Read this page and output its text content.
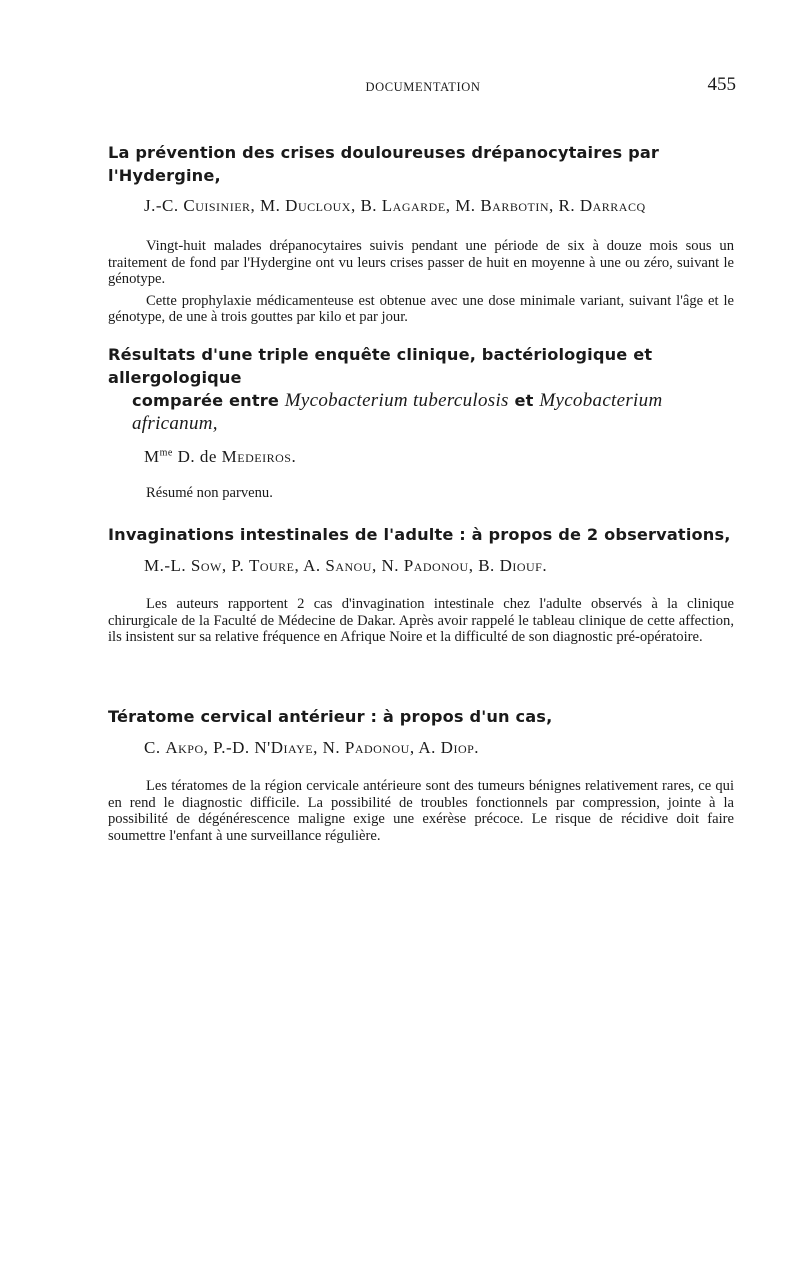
DOCUMENTATION	455
La prévention des crises douloureuses drépanocytaires par l'Hydergine,

J.-C. Cuisinier, M. Ducloux, B. Lagarde, M. Barbotin, R. Darracq

Vingt-huit malades drépanocytaires suivis pendant une période de six à douze mois sous un traitement de fond par l'Hydergine ont vu leurs crises passer de huit en moyenne à une ou zéro, suivant le génotype.
Cette prophylaxie médicamenteuse est obtenue avec une dose minimale variant, suivant l'âge et le génotype, de une à trois gouttes par kilo et par jour.
Résultats d'une triple enquête clinique, bactériologique et allergologique
comparée entre Mycobacterium tuberculosis et Mycobacterium
africanum,

$M^{me}$ D. de Medeiros.

Résumé non parvenu.
Invaginations intestinales de l'adulte : à propos de 2 observations,

M.-L. Sow, P. Toure, A. Sanou, N. Padonou, B. Diouf.

Les auteurs rapportent 2 cas d'invagination intestinale chez l'adulte observés à la clinique chirurgicale de la Faculté de Médecine de Dakar. Après avoir rappelé le tableau clinique de cette affection, ils insistent sur sa relative fréquence en Afrique Noire et la difficulté de son diagnostic pré-opératoire.
Tératome cervical antérieur : à propos d'un cas,

C. Akpo, P.-D. N'Diaye, N. Padonou, A. Diop.

Les tératomes de la région cervicale antérieure sont des tumeurs bénignes relativement rares, ce qui en rend le diagnostic difficile. La possibilité de troubles fonctionnels par compression, jointe à la possibilité de dégénérescence maligne exige une exérèse précoce. Le risque de récidive doit faire soumettre l'enfant à une surveillance régulière.
